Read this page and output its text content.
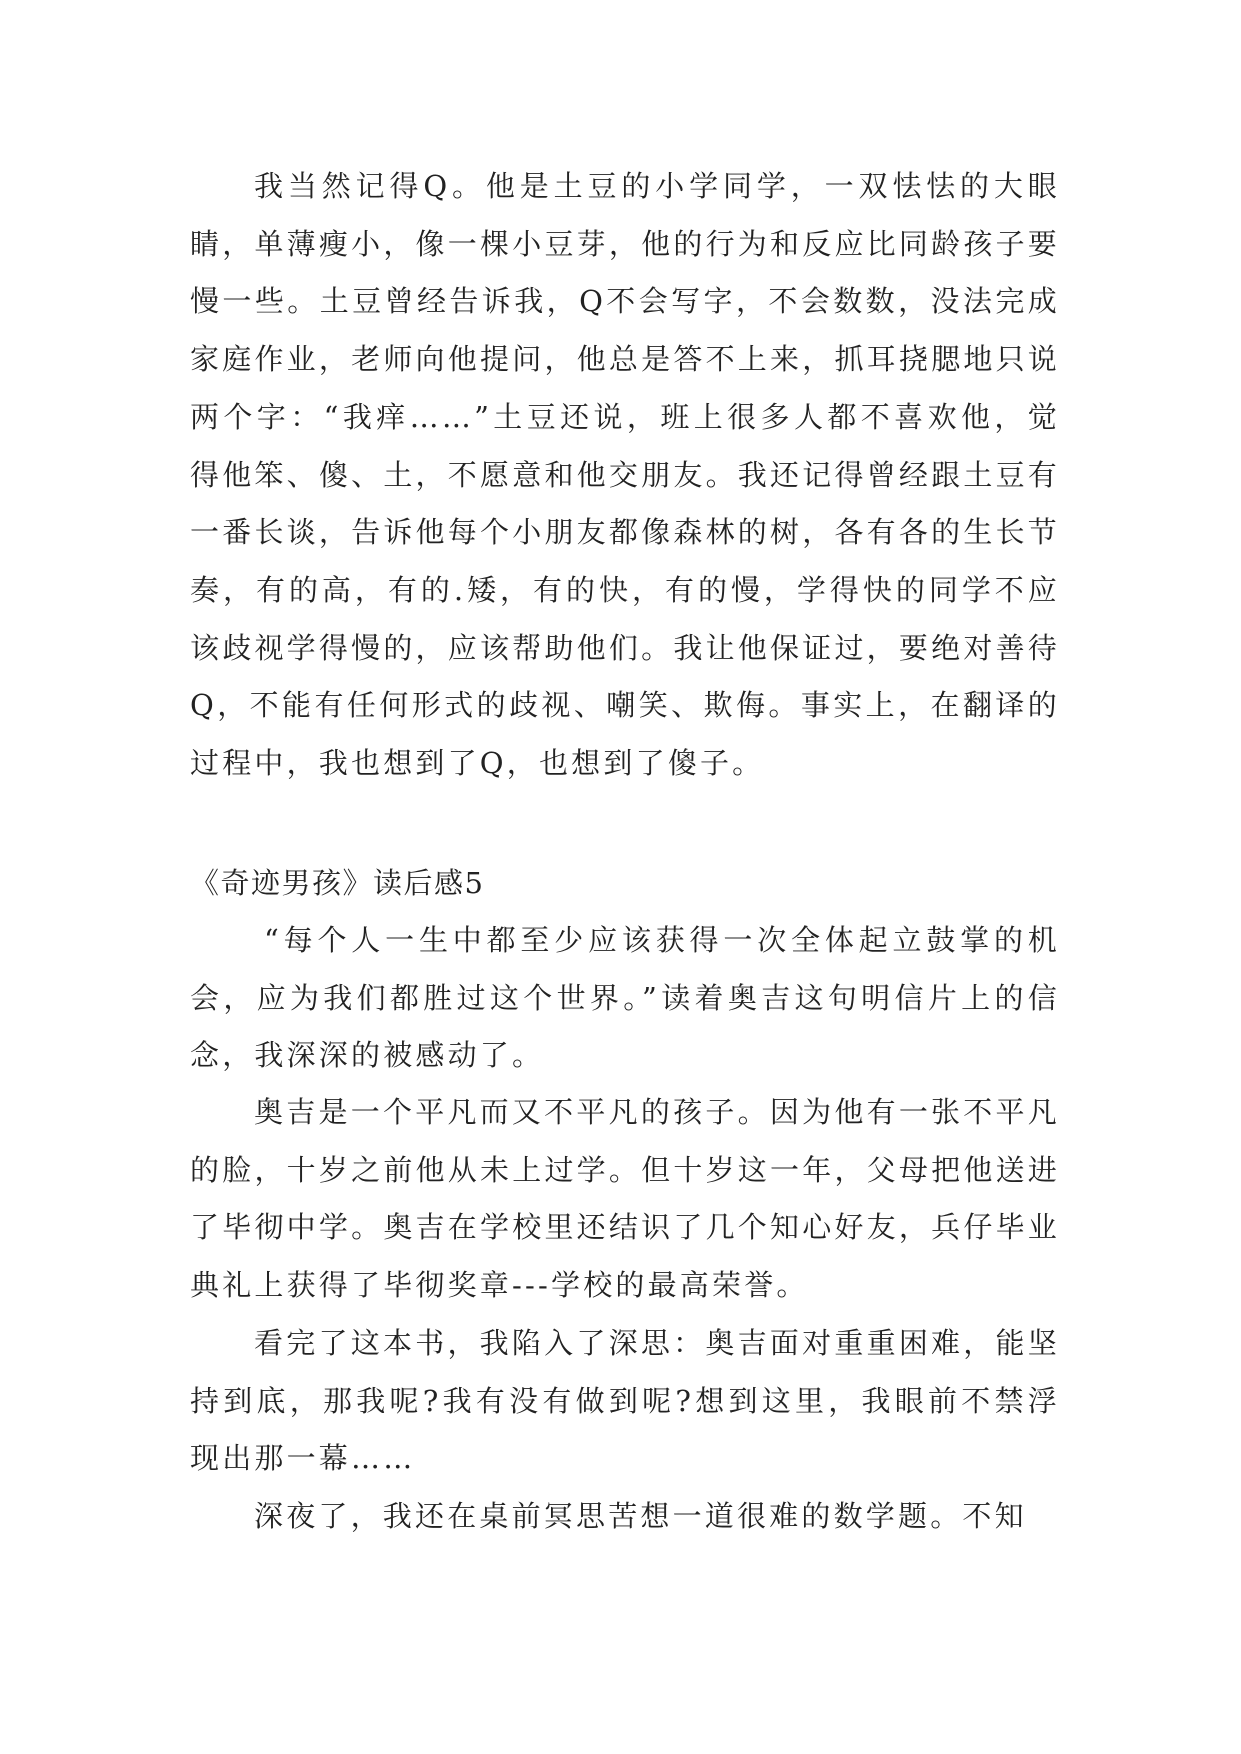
我当然记得Q。他是土豆的小学同学，一双怯怯的大眼睛，单薄瘦小，像一棵小豆芽，他的行为和反应比同龄孩子要慢一些。土豆曾经告诉我，Q不会写字，不会数数，没法完成家庭作业，老师向他提问，他总是答不上来，抓耳挠腮地只说两个字：“我痒……”土豆还说，班上很多人都不喜欢他，觉得他笨、傻、土，不愿意和他交朋友。我还记得曾经跟土豆有一番长谈，告诉他每个小朋友都像森林的树，各有各的生长节奏，有的高，有的.矮，有的快，有的慢，学得快的同学不应该歧视学得慢的，应该帮助他们。我让他保证过，要绝对善待Q，不能有任何形式的歧视、嘲笑、欺侮。事实上，在翻译的过程中，我也想到了Q，也想到了傻子。

《奇迹男孩》读后感5

“每个人一生中都至少应该获得一次全体起立鼓掌的机会，应为我们都胜过这个世界。”读着奥吉这句明信片上的信念，我深深的被感动了。

奥吉是一个平凡而又不平凡的孩子。因为他有一张不平凡的脸，十岁之前他从未上过学。但十岁这一年，父母把他送进了毕彻中学。奥吉在学校里还结识了几个知心好友，兵仔毕业典礼上获得了毕彻奖章---学校的最高荣誉。

看完了这本书，我陷入了深思：奥吉面对重重困难，能坚持到底，那我呢?我有没有做到呢?想到这里，我眼前不禁浮现出那一幕……

深夜了，我还在桌前冥思苦想一道很难的数学题。不知
